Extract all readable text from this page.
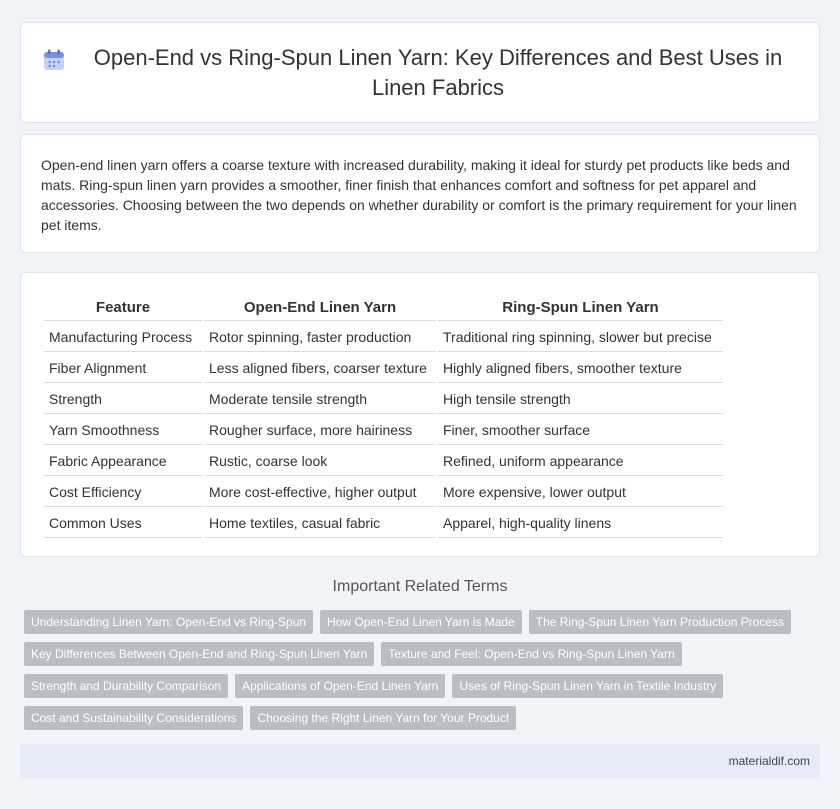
Open-End vs Ring-Spun Linen Yarn: Key Differences and Best Uses in Linen Fabrics

Open-end linen yarn offers a coarse texture with increased durability, making it ideal for sturdy pet products like beds and mats. Ring-spun linen yarn provides a smoother, finer finish that enhances comfort and softness for pet apparel and accessories. Choosing between the two depends on whether durability or comfort is the primary requirement for your linen pet items.

Feature	Open-End Linen Yarn	Ring-Spun Linen Yarn
Manufacturing Process	Rotor spinning, faster production	Traditional ring spinning, slower but precise
Fiber Alignment	Less aligned fibers, coarser texture	Highly aligned fibers, smoother texture
Strength	Moderate tensile strength	High tensile strength
Yarn Smoothness	Rougher surface, more hairiness	Finer, smoother surface
Fabric Appearance	Rustic, coarse look	Refined, uniform appearance
Cost Efficiency	More cost-effective, higher output	More expensive, lower output
Common Uses	Home textiles, casual fabric	Apparel, high-quality linens
Important Related Terms
Understanding Linen Yarn: Open-End vs Ring-Spun	How Open-End Linen Yarn is Made	The Ring-Spun Linen Yarn Production Process
Key Differences Between Open-End and Ring-Spun Linen Yarn	Texture and Feel: Open-End vs Ring-Spun Linen Yarn
Strength and Durability Comparison	Applications of Open-End Linen Yarn	Uses of Ring-Spun Linen Yarn in Textile Industry
Cost and Sustainability Considerations	Choosing the Right Linen Yarn for Your Product
materialdif.com
